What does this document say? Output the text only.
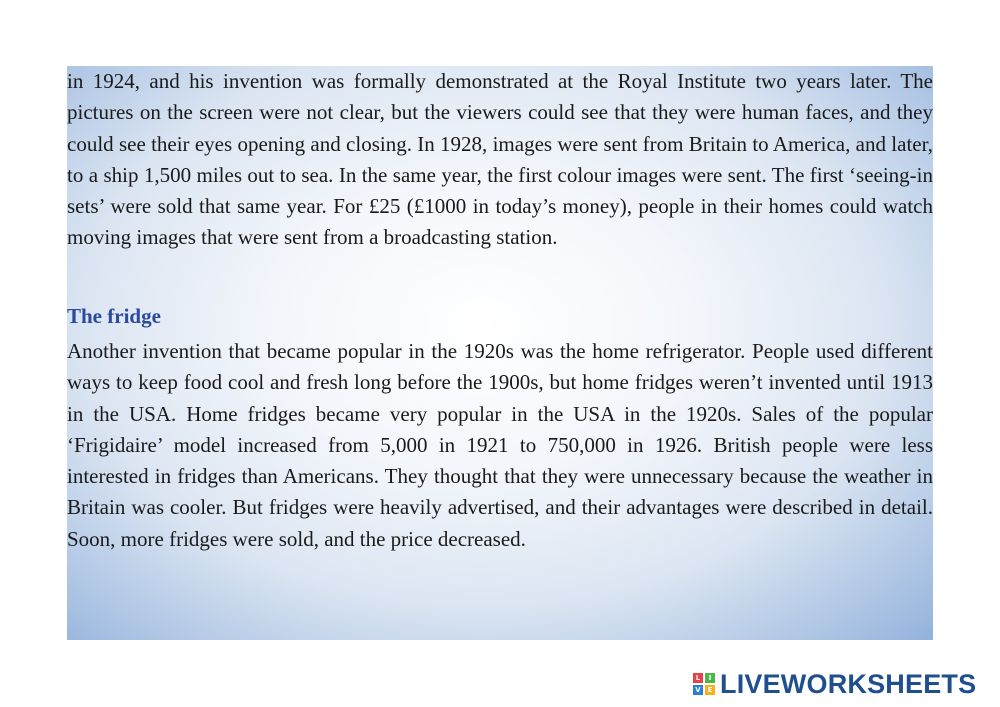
in 1924, and his invention was formally demonstrated at the Royal Institute two years later. The pictures on the screen were not clear, but the viewers could see that they were human faces, and they could see their eyes opening and closing. In 1928, images were sent from Britain to America, and later, to a ship 1,500 miles out to sea. In the same year, the first colour images were sent. The first ‘seeing-in sets’ were sold that same year. For £25 (£1000 in today’s money), people in their homes could watch moving images that were sent from a broadcasting station.

The fridge

Another invention that became popular in the 1920s was the home refrigerator. People used different ways to keep food cool and fresh long before the 1900s, but home fridges weren’t invented until 1913 in the USA. Home fridges became very popular in the USA in the 1920s. Sales of the popular ‘Frigidaire’ model increased from 5,000 in 1921 to 750,000 in 1926. British people were less interested in fridges than Americans. They thought that they were unnecessary because the weather in Britain was cooler. But fridges were heavily advertised, and their advantages were described in detail. Soon, more fridges were sold, and the price decreased.

L	I
V E LIVEWORKSHEETS
